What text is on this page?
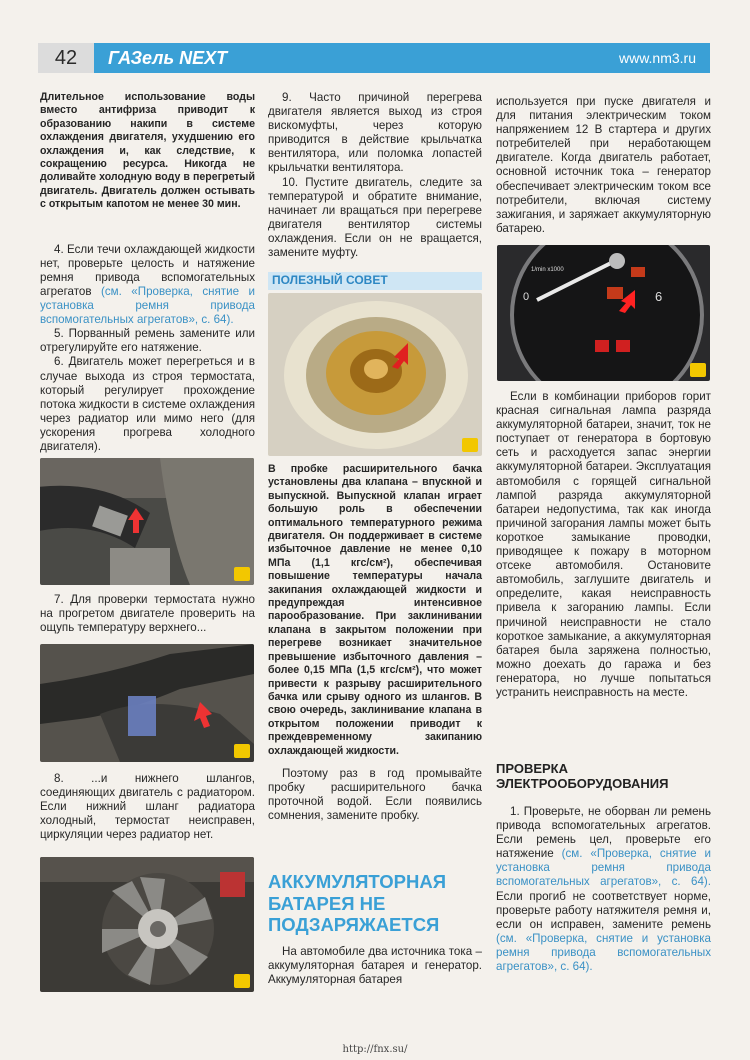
42	ГАЗель NEXT	www.nm3.ru
Длительное использование воды вместо антифриза приводит к образованию накипи в системе охлаждения двигателя, ухудшению его охлаждения и, как следствие, к сокращению ресурса. Никогда не доливайте холодную воду в перегретый двигатель. Двигатель должен остывать с открытым капотом не менее 30 мин.

4. Если течи охлаждающей жидкости нет, проверьте целость и натяжение ремня привода вспомогательных агрегатов (см. «Проверка, снятие и установка ремня привода вспомогательных агрегатов», с. 64).

5. Порванный ремень замените или отрегулируйте его натяжение.

6. Двигатель может перегреться и в случае выхода из строя термостата, который регулирует прохождение потока жидкости в системе охлаждения через радиатор или мимо него (для ускорения прогрева холодного двигателя).

7. Для проверки термостата нужно на прогретом двигателе проверить на ощупь температуру верхнего...

8. ...и нижнего шлангов, соединяющих двигатель с радиатором. Если нижний шланг радиатора холодный, термостат неисправен, циркуляции через радиатор нет.

9. Часто причиной перегрева двигателя является выход из строя вискомуфты, через которую приводится в действие крыльчатка вентилятора, или поломка лопастей крыльчатки вентилятора.

10. Пустите двигатель, следите за температурой и обратите внимание, начинает ли вращаться при перегреве двигателя вентилятор системы охлаждения. Если он не вращается, замените муфту.

ПОЛЕЗНЫЙ СОВЕТ
В пробке расширительного бачка установлены два клапана – впускной и выпускной. Выпускной клапан играет большую роль в обеспечении оптимального температурного режима двигателя. Он поддерживает в системе избыточное давление не менее 0,10 МПа (1,1 кгс/см²), обеспечивая повышение температуры начала закипания охлаждающей жидкости и предупреждая интенсивное парообразование. При заклинивании клапана в закрытом положении при перегреве возникает значительное превышение избыточного давления – более 0,15 МПа (1,5 кгс/см²), что может привести к разрыву расширительного бачка или срыву одного из шлангов. В свою очередь, заклинивание клапана в открытом положении приводит к преждевременному закипанию охлаждающей жидкости.

Поэтому раз в год промывайте пробку расширительного бачка проточной водой. Если появились сомнения, замените пробку.

АККУМУЛЯТОРНАЯ БАТАРЕЯ НЕ ПОДЗАРЯЖАЕТСЯ

На автомобиле два источника тока – аккумуляторная батарея и генератор. Аккумуляторная батарея

используется при пуске двигателя и для питания электрическим током напряжением 12 В стартера и других потребителей при неработающем двигателе. Когда двигатель работает, основной источник тока – генератор обеспечивает электрическим током все потребители, включая систему зажигания, и заряжает аккумуляторную батарею.

1/min x1000
0	6

Если в комбинации приборов горит красная сигнальная лампа разряда аккумуляторной батареи, значит, ток не поступает от генератора в бортовую сеть и расходуется запас энергии аккумуляторной батареи. Эксплуатация автомобиля с горящей сигнальной лампой разряда аккумуляторной батареи недопустима, так как иногда причиной загорания лампы может быть короткое замыкание проводки, приводящее к пожару в моторном отсеке автомобиля. Остановите автомобиль, заглушите двигатель и определите, какая неисправность привела к загоранию лампы. Если причиной неисправности не стало короткое замыкание, а аккумуляторная батарея была заряжена полностью, можно доехать до гаража и без генератора, но лучше попытаться устранить неисправность на месте.

ПРОВЕРКА ЭЛЕКТРООБОРУДОВАНИЯ

1. Проверьте, не оборван ли ремень привода вспомогательных агрегатов. Если ремень цел, проверьте его натяжение (см. «Проверка, снятие и установка ремня привода вспомогательных агрегатов», с. 64). Если прогиб не соответствует норме, проверьте работу натяжителя ремня и, если он исправен, замените ремень (см. «Проверка, снятие и установка ремня привода вспомогательных агрегатов», с. 64).

http://fnx.su/
